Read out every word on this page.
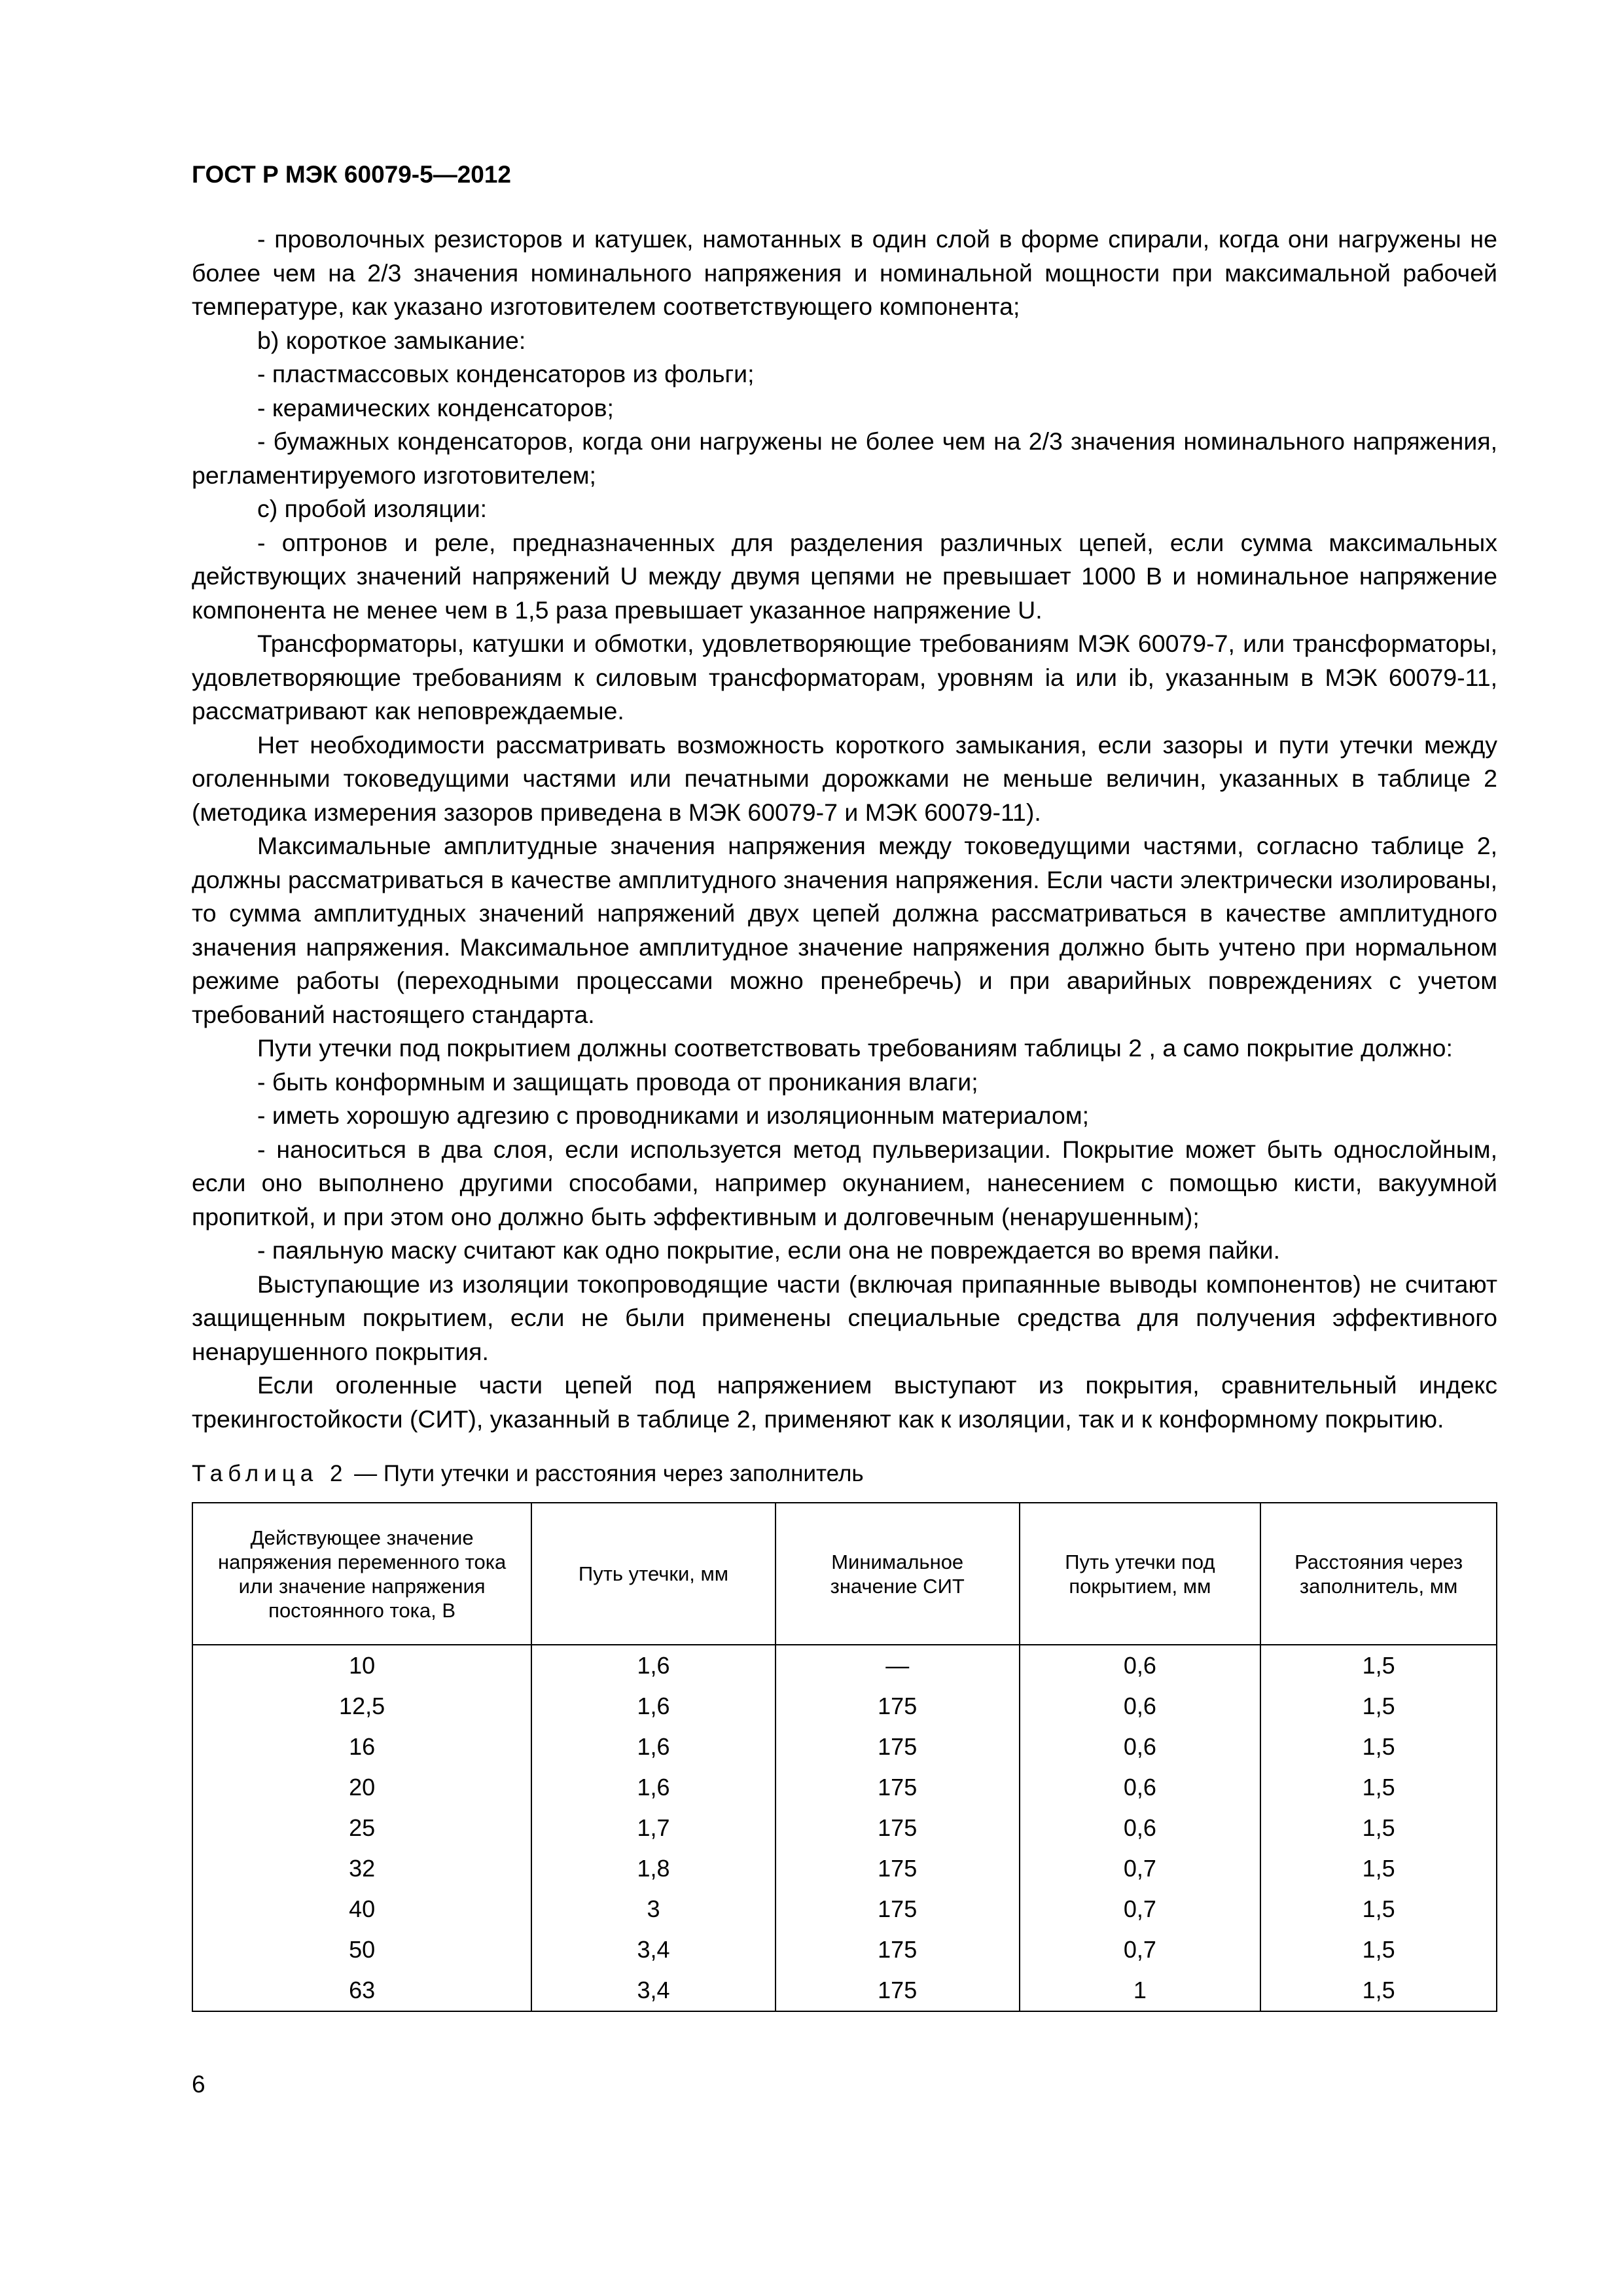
ГОСТ Р МЭК 60079-5—2012

- проволочных резисторов и катушек, намотанных в один слой в форме спирали, когда они нагружены не более чем на 2/3 значения номинального напряжения и номинальной мощности при максимальной рабочей температуре, как указано изготовителем соответствующего компонента;

b) короткое замыкание:

- пластмассовых конденсаторов из фольги;

- керамических конденсаторов;

- бумажных конденсаторов, когда они нагружены не более чем на 2/3 значения номинального напряжения, регламентируемого изготовителем;

c) пробой изоляции:

- оптронов и реле, предназначенных для разделения различных цепей, если сумма максимальных действующих значений напряжений U между двумя цепями не превышает 1000 В и номинальное напряжение компонента не менее чем в 1,5 раза превышает указанное напряжение U.

Трансформаторы, катушки и обмотки, удовлетворяющие требованиям МЭК 60079-7, или трансформаторы, удовлетворяющие требованиям к силовым трансформаторам, уровням ia или ib, указанным в МЭК 60079-11, рассматривают как неповреждаемые.

Нет необходимости рассматривать возможность короткого замыкания, если зазоры и пути утечки между оголенными токоведущими частями или печатными дорожками не меньше величин, указанных в таблице 2 (методика измерения зазоров приведена в МЭК 60079-7 и МЭК 60079-11).

Максимальные амплитудные значения напряжения между токоведущими частями, согласно таблице 2, должны рассматриваться в качестве амплитудного значения напряжения. Если части электрически изолированы, то сумма амплитудных значений напряжений двух цепей должна рассматриваться в качестве амплитудного значения напряжения. Максимальное амплитудное значение напряжения должно быть учтено при нормальном режиме работы (переходными процессами можно пренебречь) и при аварийных повреждениях с учетом требований настоящего стандарта.

Пути утечки под покрытием должны соответствовать требованиям таблицы 2 , а само покрытие должно:

- быть конформным и защищать провода от проникания влаги;

- иметь хорошую адгезию с проводниками и изоляционным материалом;

- наноситься в два слоя, если используется метод пульверизации. Покрытие может быть однослойным, если оно выполнено другими способами, например окунанием, нанесением с помощью кисти, вакуумной пропиткой, и при этом оно должно быть эффективным и долговечным (ненарушенным);

- паяльную маску считают как одно покрытие, если она не повреждается во время пайки.

Выступающие из изоляции токопроводящие части (включая припаянные выводы компонентов) не считают защищенным покрытием, если не были применены специальные средства для получения эффективного ненарушенного покрытия.

Если оголенные части цепей под напряжением выступают из покрытия, сравнительный индекс трекингостойкости (СИТ), указанный в таблице 2, применяют как к изоляции, так и к конформному покрытию.

Таблица 2 — Пути утечки и расстояния через заполнитель
Действующее значение напряжения переменного тока или значение напряжения постоянного тока, В	Путь утечки, мм	Минимальное значение СИТ	Путь утечки под покрытием, мм	Расстояния через заполнитель, мм
10	1,6	—	0,6	1,5
12,5	1,6	175	0,6	1,5
16	1,6	175	0,6	1,5
20	1,6	175	0,6	1,5
25	1,7	175	0,6	1,5
32	1,8	175	0,7	1,5
40	3	175	0,7	1,5
50	3,4	175	0,7	1,5
63	3,4	175	1	1,5
6
